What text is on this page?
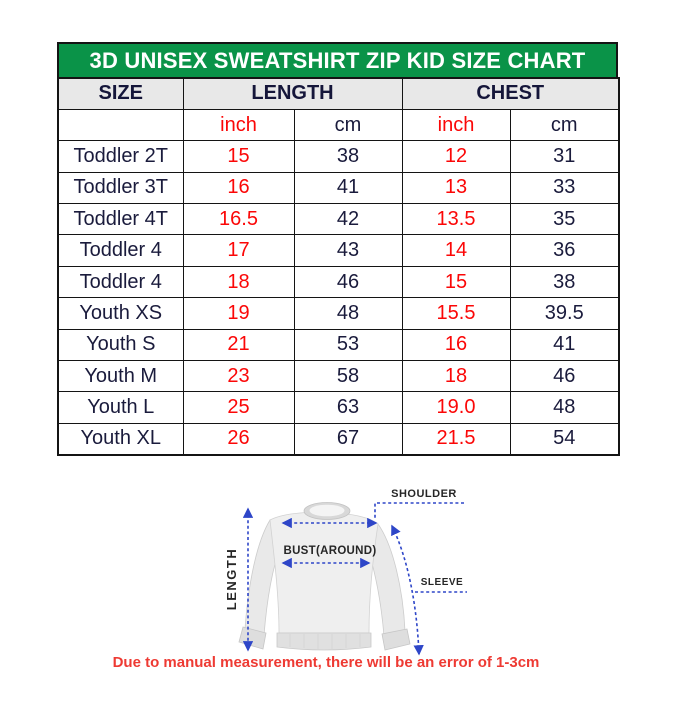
3D UNISEX SWEATSHIRT ZIP KID SIZE CHART
SIZE	LENGTH		CHEST	
	inch	cm	inch	cm
Toddler 2T	15	38	12	31
Toddler 3T	16	41	13	33
Toddler 4T	16.5	42	13.5	35
Toddler 4	17	43	14	36
Toddler 4	18	46	15	38
Youth XS	19	48	15.5	39.5
Youth S	21	53	16	41
Youth M	23	58	18	46
Youth L	25	63	19.0	48
Youth XL	26	67	21.5	54
LENGTH
SHOULDER
BUST(AROUND)
SLEEVE
Due to manual measurement, there will be an error of 1-3cm
